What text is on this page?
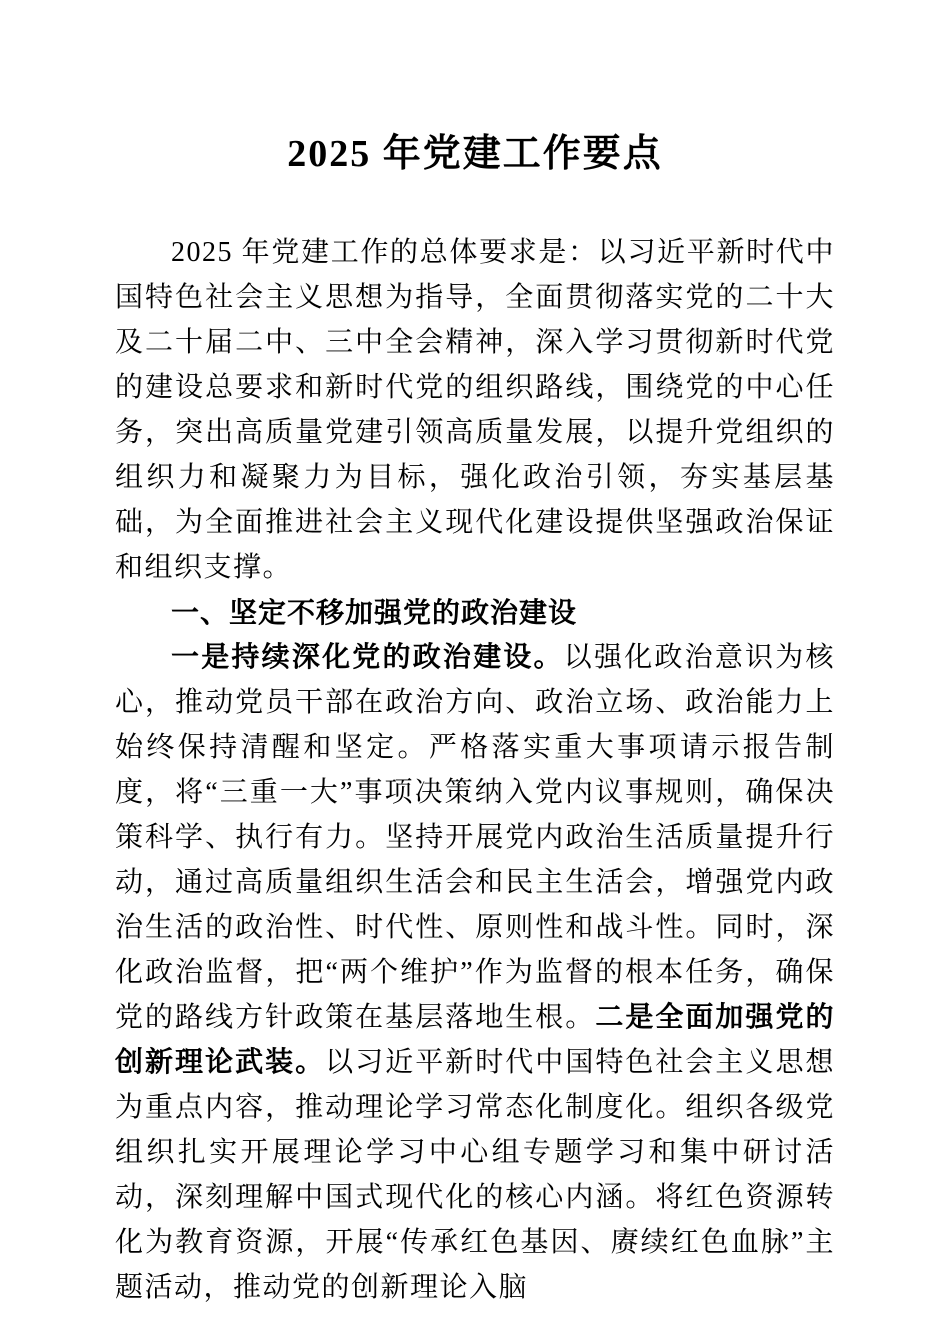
2025 年党建工作要点

2025 年党建工作的总体要求是：以习近平新时代中国特色社会主义思想为指导，全面贯彻落实党的二十大及二十届二中、三中全会精神，深入学习贯彻新时代党的建设总要求和新时代党的组织路线，围绕党的中心任务，突出高质量党建引领高质量发展，以提升党组织的组织力和凝聚力为目标，强化政治引领，夯实基层基础，为全面推进社会主义现代化建设提供坚强政治保证和组织支撑。

一、坚定不移加强党的政治建设

一是持续深化党的政治建设。以强化政治意识为核心，推动党员干部在政治方向、政治立场、政治能力上始终保持清醒和坚定。严格落实重大事项请示报告制度，将“三重一大”事项决策纳入党内议事规则，确保决策科学、执行有力。坚持开展党内政治生活质量提升行动，通过高质量组织生活会和民主生活会，增强党内政治生活的政治性、时代性、原则性和战斗性。同时，深化政治监督，把“两个维护”作为监督的根本任务，确保党的路线方针政策在基层落地生根。二是全面加强党的创新理论武装。以习近平新时代中国特色社会主义思想为重点内容，推动理论学习常态化制度化。组织各级党组织扎实开展理论学习中心组专题学习和集中研讨活动，深刻理解中国式现代化的核心内涵。将红色资源转化为教育资源，开展“传承红色基因、赓续红色血脉”主题活动，推动党的创新理论入脑
